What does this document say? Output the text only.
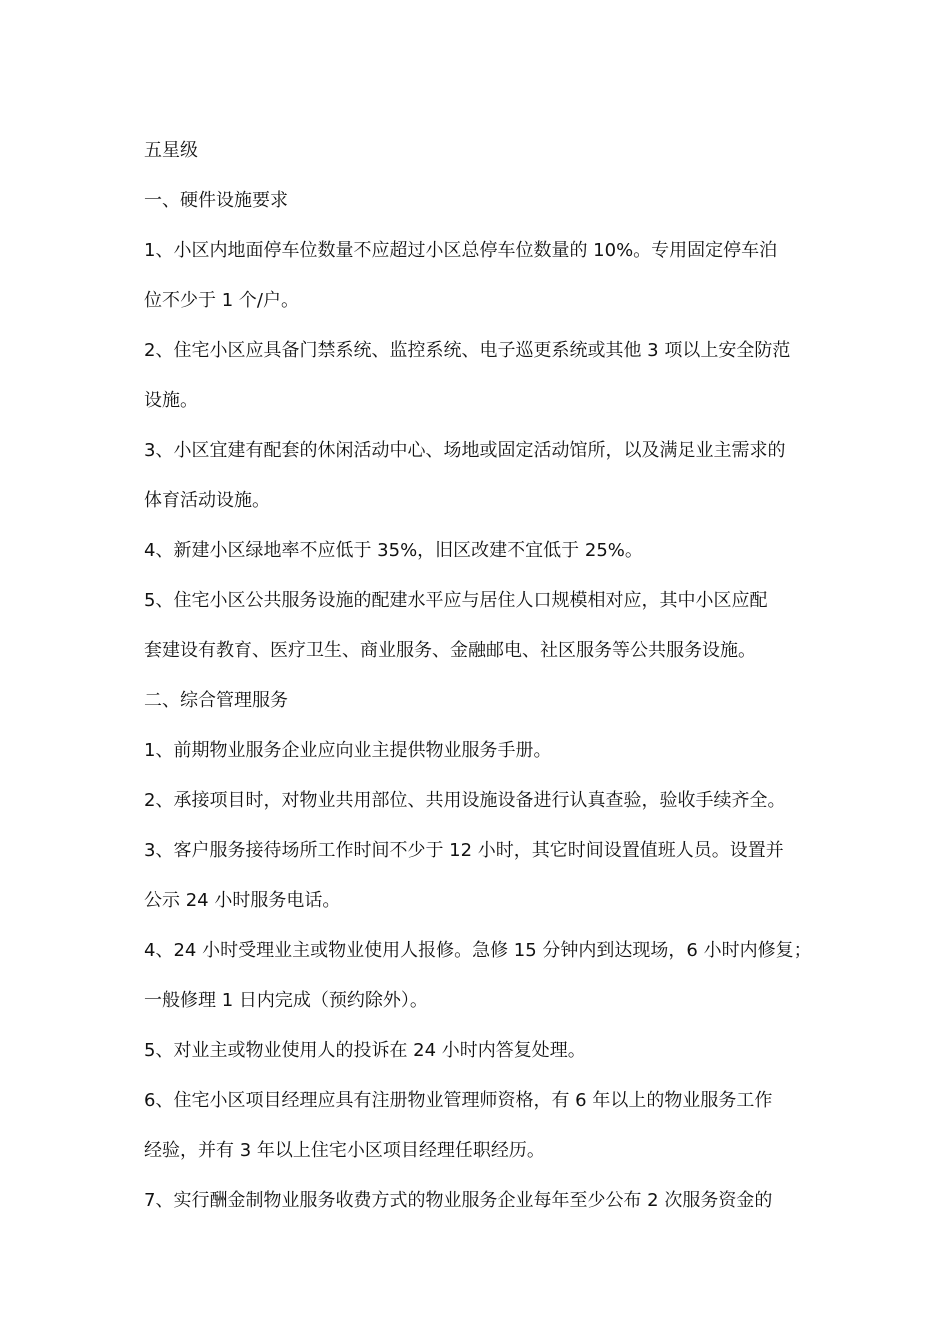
五星级

一、硬件设施要求

1、小区内地面停车位数量不应超过小区总停车位数量的 10%。专用固定停车泊

位不少于 1 个/户。

2、住宅小区应具备门禁系统、监控系统、电子巡更系统或其他 3 项以上安全防范

设施。

3、小区宜建有配套的休闲活动中心、场地或固定活动馆所，以及满足业主需求的

体育活动设施。

4、新建小区绿地率不应低于 35%，旧区改建不宜低于 25%。

5、住宅小区公共服务设施的配建水平应与居住人口规模相对应，其中小区应配

套建设有教育、医疗卫生、商业服务、金融邮电、社区服务等公共服务设施。

二、综合管理服务

1、前期物业服务企业应向业主提供物业服务手册。

2、承接项目时，对物业共用部位、共用设施设备进行认真查验，验收手续齐全。

3、客户服务接待场所工作时间不少于 12 小时，其它时间设置值班人员。设置并

公示 24 小时服务电话。

4、24 小时受理业主或物业使用人报修。急修 15 分钟内到达现场，6 小时内修复；

一般修理 1 日内完成（预约除外）。

5、对业主或物业使用人的投诉在 24 小时内答复处理。

6、住宅小区项目经理应具有注册物业管理师资格，有 6 年以上的物业服务工作

经验，并有 3 年以上住宅小区项目经理任职经历。

7、实行酬金制物业服务收费方式的物业服务企业每年至少公布 2 次服务资金的
